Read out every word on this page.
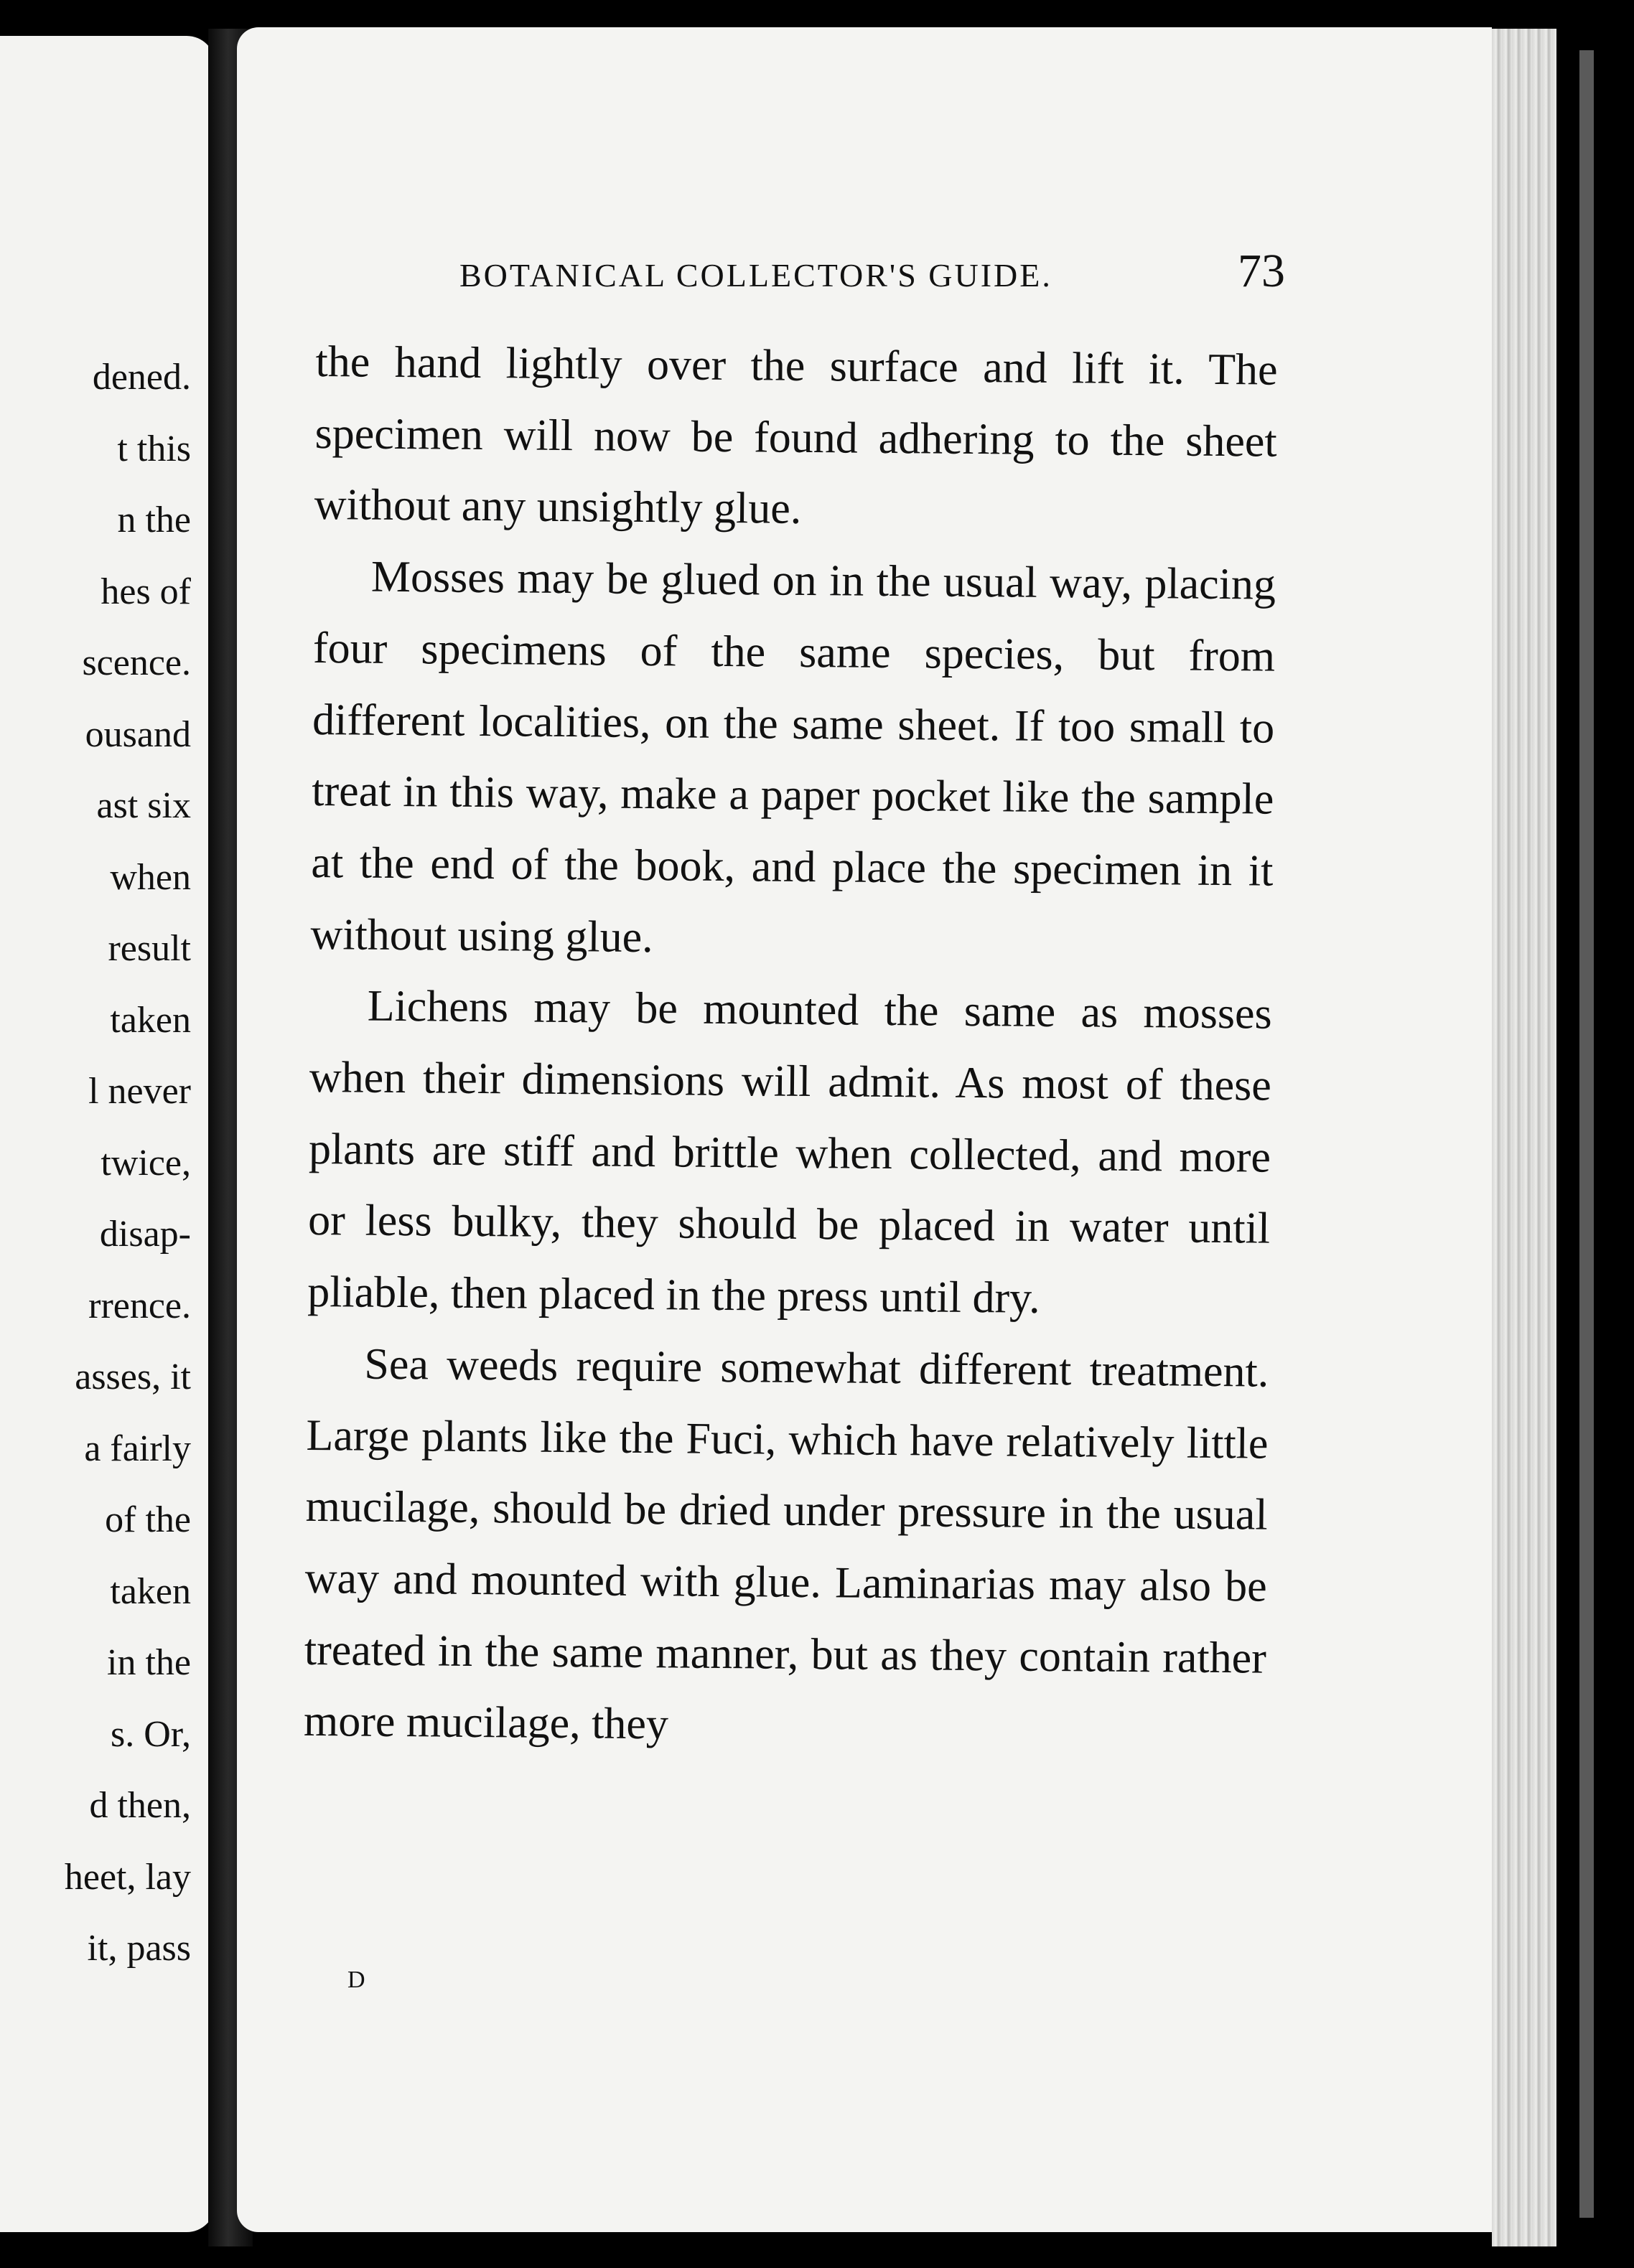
dened.
t this
n the
hes of
scence.
ousand
ast six
when
result
taken
l never
twice,
disap-
rrence.
asses, it
a fairly
of the
taken
in the
s. Or,
d then,
heet, lay
it, pass
BOTANICAL COLLECTOR'S GUIDE.	73

the hand lightly over the surface and lift it. The specimen will now be found adhering to the sheet without any unsightly glue.

Mosses may be glued on in the usual way, placing four specimens of the same species, but from different localities, on the same sheet. If too small to treat in this way, make a paper pocket like the sample at the end of the book, and place the specimen in it without using glue.

Lichens may be mounted the same as mosses when their dimensions will admit. As most of these plants are stiff and brittle when collected, and more or less bulky, they should be placed in water until pliable, then placed in the press until dry.

Sea weeds require somewhat different treatment. Large plants like the Fuci, which have relatively little mucilage, should be dried under pressure in the usual way and mounted with glue. Laminarias may also be treated in the same manner, but as they contain rather more mucilage, they

D
